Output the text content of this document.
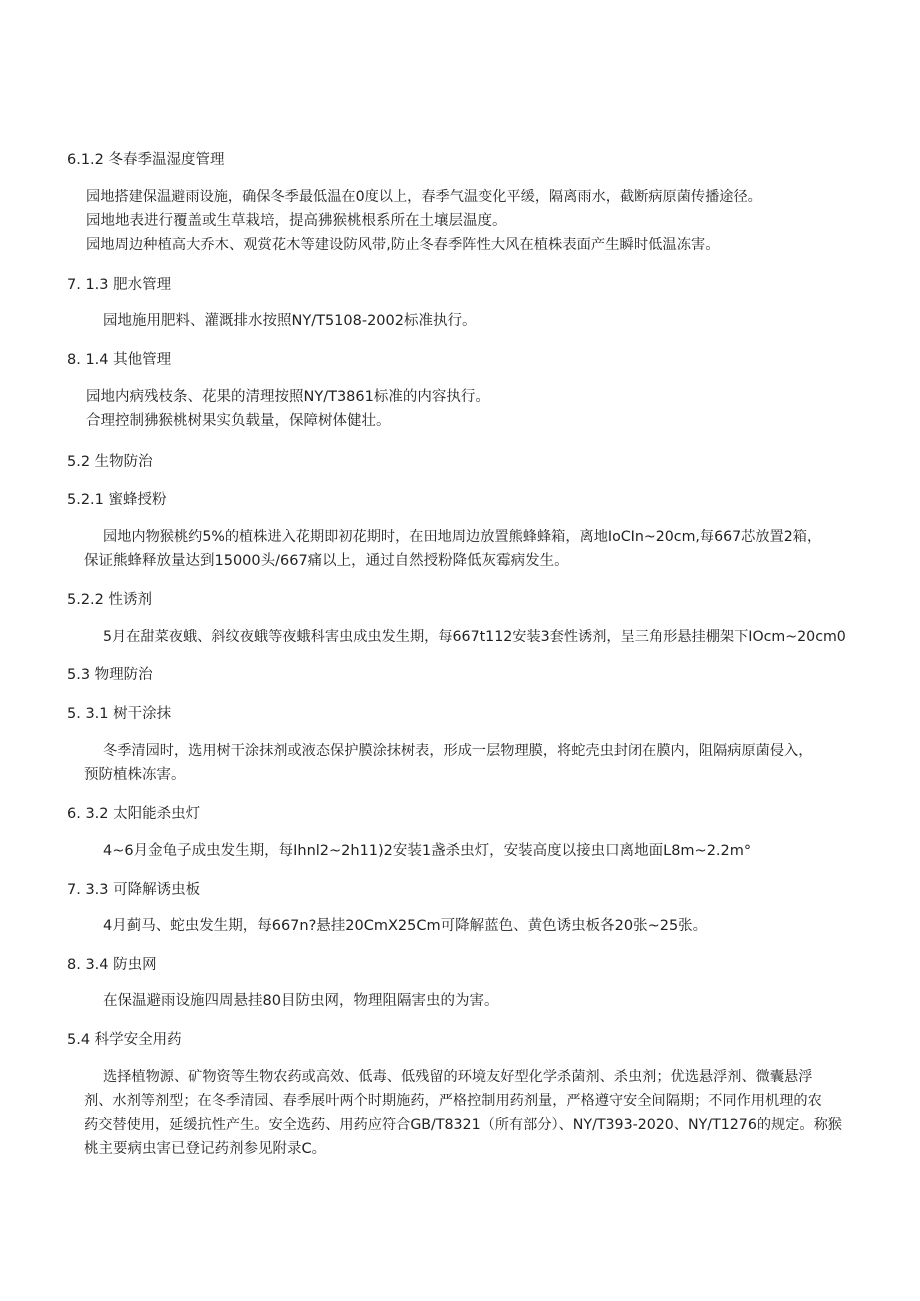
6.1.2 冬春季温湿度管理
园地搭建保温避雨设施，确保冬季最低温在0度以上，春季气温变化平缓，隔离雨水，截断病原菌传播途径。
园地地表进行覆盖或生草栽培，提高狒猴桃根系所在土壤层温度。
园地周边种植高大乔木、观赏花木等建设防风带,防止冬春季阵性大风在植株表面产生瞬时低温冻害。
7. 1.3 肥水管理
园地施用肥料、灌溉排水按照NY/T5108-2002标准执行。
8. 1.4 其他管理
园地内病残枝条、花果的清理按照NY/T3861标准的内容执行。
合理控制狒猴桃树果实负载量，保障树体健壮。
5.2 生物防治
5.2.1 蜜蜂授粉
园地内物猴桃约5%的植株进入花期即初花期时，在田地周边放置熊蜂蜂箱，离地IoCIn~20cm,每667芯放置2箱，
保证熊蜂释放量达到15000头/667痛以上，通过自然授粉降低灰霉病发生。
5.2.2 性诱剂
5月在甜菜夜蛾、斜纹夜蛾等夜蛾科害虫成虫发生期，每667t112安装3套性诱剂，呈三角形悬挂棚架下IOcm~20cm0
5.3 物理防治
5. 3.1 树干涂抹
冬季清园时，选用树干涂抹剂或液态保护膜涂抹树表，形成一层物理膜，将蛇壳虫封闭在膜内，阻隔病原菌侵入，
预防植株冻害。
6. 3.2 太阳能杀虫灯
4~6月金龟子成虫发生期，每Ihnl2~2h11)2安装1盏杀虫灯，安装高度以接虫口离地面L8m~2.2m°
7. 3.3 可降解诱虫板
4月蓟马、蛇虫发生期，每667n?悬挂20CmX25Cm可降解蓝色、黄色诱虫板各20张~25张。
8. 3.4 防虫网
在保温避雨设施四周悬挂80目防虫网，物理阻隔害虫的为害。
5.4 科学安全用药
选择植物源、矿物资等生物农药或高效、低毒、低残留的环境友好型化学杀菌剂、杀虫剂；优选悬浮剂、微囊悬浮
剂、水剂等剂型；在冬季清园、春季展叶两个时期施药，严格控制用药剂量，严格遵守安全间隔期；不同作用机理的农
药交替使用，延缓抗性产生。安全选药、用药应符合GB/T8321（所有部分）、NY/T393-2020、NY/T1276的规定。称猴
桃主要病虫害已登记药剂参见附录C。
